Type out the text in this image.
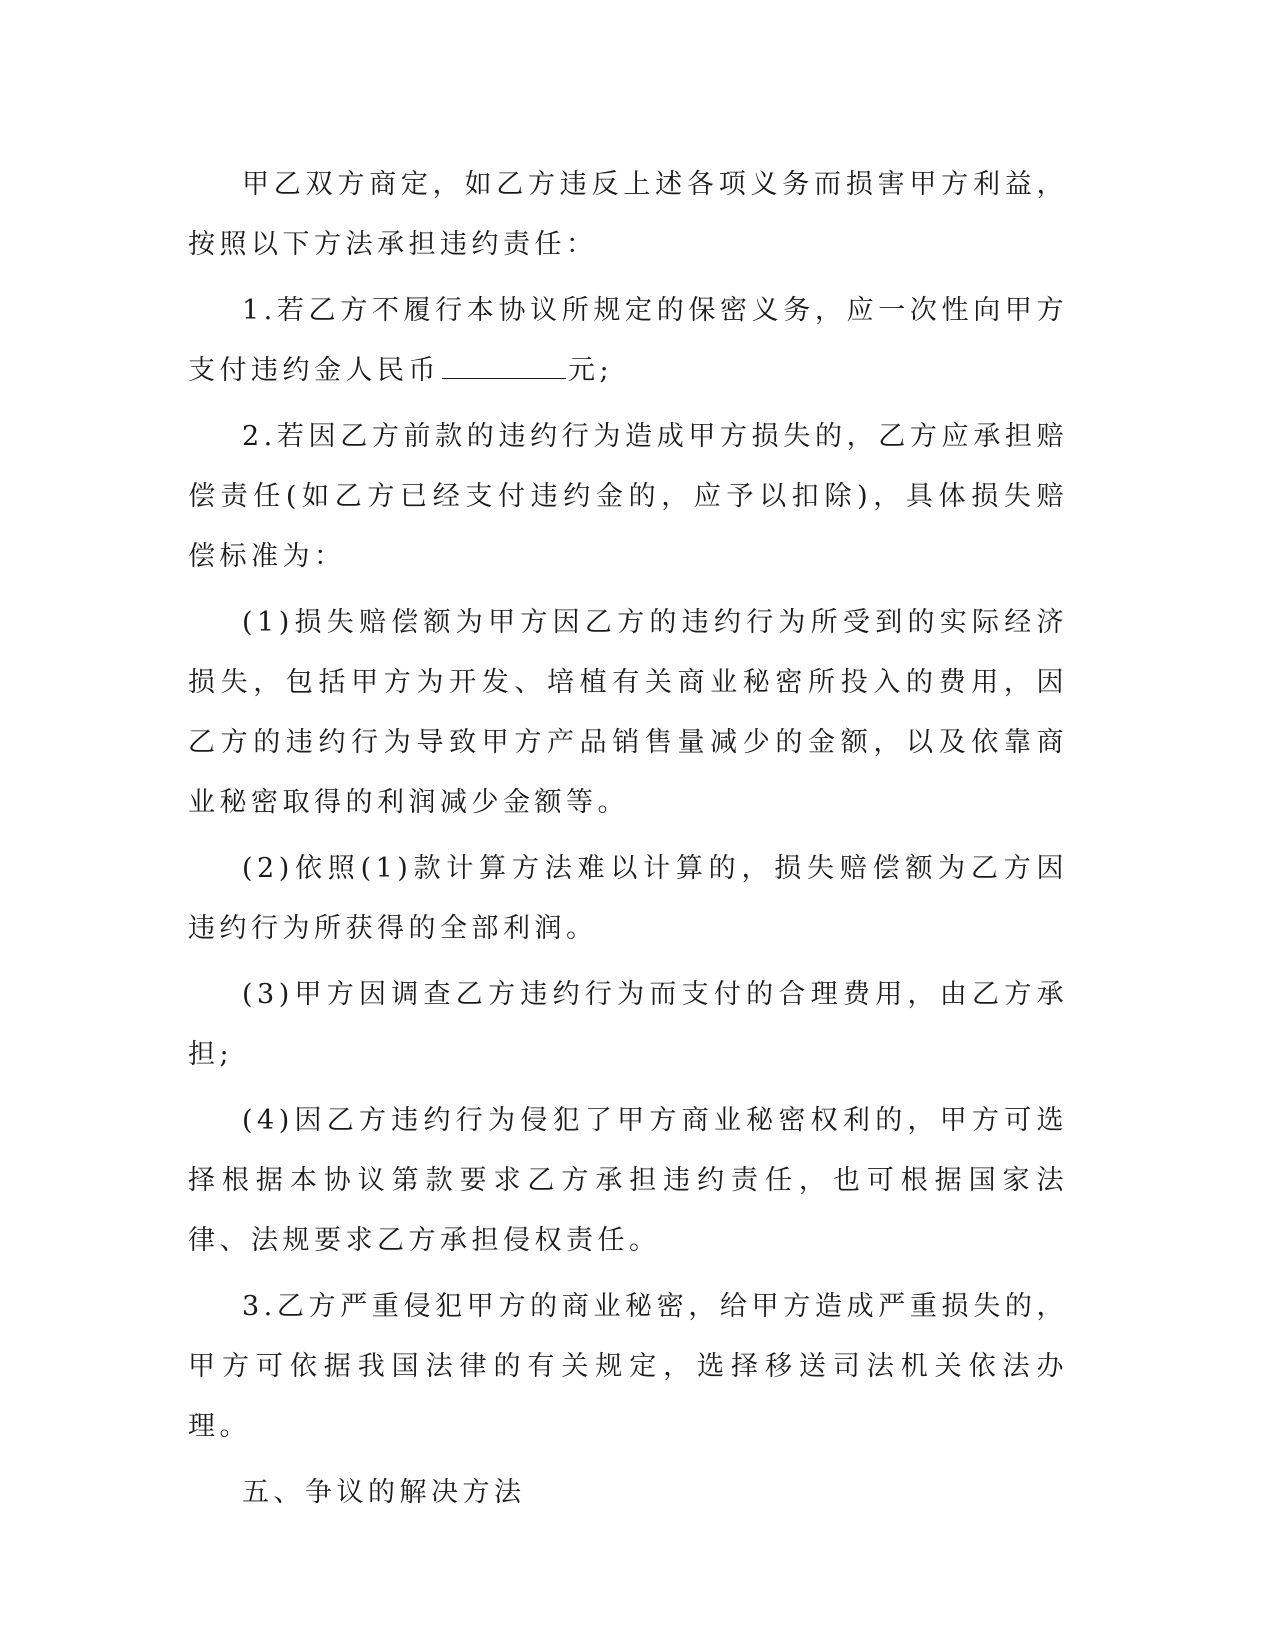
甲乙双方商定，如乙方违反上述各项义务而损害甲方利益，按照以下方法承担违约责任：

1.若乙方不履行本协议所规定的保密义务，应一次性向甲方支付违约金人民币	元;

2.若因乙方前款的违约行为造成甲方损失的，乙方应承担赔偿责任(如乙方已经支付违约金的，应予以扣除)，具体损失赔偿标准为：

(1)损失赔偿额为甲方因乙方的违约行为所受到的实际经济损失，包括甲方为开发、培植有关商业秘密所投入的费用，因乙方的违约行为导致甲方产品销售量减少的金额，以及依靠商业秘密取得的利润减少金额等。

(2)依照(1)款计算方法难以计算的，损失赔偿额为乙方因违约行为所获得的全部利润。

(3)甲方因调查乙方违约行为而支付的合理费用，由乙方承担;

(4)因乙方违约行为侵犯了甲方商业秘密权利的，甲方可选择根据本协议第款要求乙方承担违约责任，也可根据国家法律、法规要求乙方承担侵权责任。

3.乙方严重侵犯甲方的商业秘密，给甲方造成严重损失的，甲方可依据我国法律的有关规定，选择移送司法机关依法办理。

五、争议的解决方法
